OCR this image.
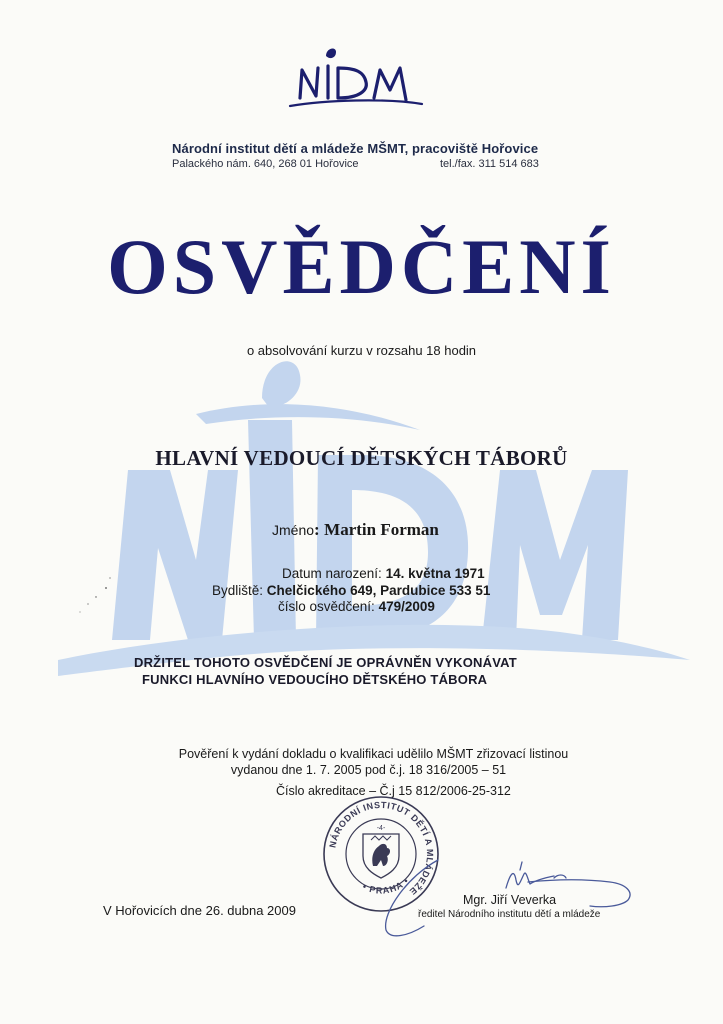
Národní institut dětí a mládeže MŠMT, pracoviště Hořovice
Palackého nám. 640, 268 01 Hořovice	tel./fax. 311 514 683
OSVĚDČENÍ
o absolvování kurzu v rozsahu 18 hodin
HLAVNÍ VEDOUCÍ DĚTSKÝCH TÁBORŮ
Jméno: Martin Forman
Datum narození: 14. května 1971
Bydliště: Chelčického 649, Pardubice 533 51
číslo osvědčení: 479/2009
DRŽITEL TOHOTO OSVĚDČENÍ JE OPRÁVNĚN VYKONÁVAT
FUNKCI HLAVNÍHO VEDOUCÍHO DĚTSKÉHO TÁBORA
Pověření k vydání dokladu o kvalifikaci udělilo MŠMT zřizovací listinou
vydanou dne 1. 7. 2005 pod č.j. 18 316/2005 – 51
Číslo akreditace – Č.j 15 812/2006-25-312
NÁRODNÍ INSTITUT DĚTÍ A MLÁDEŽE
• PRAHA •
-4-
Mgr. Jiří Veverka
ředitel Národního institutu dětí a mládeže
V Hořovicích dne 26. dubna 2009
